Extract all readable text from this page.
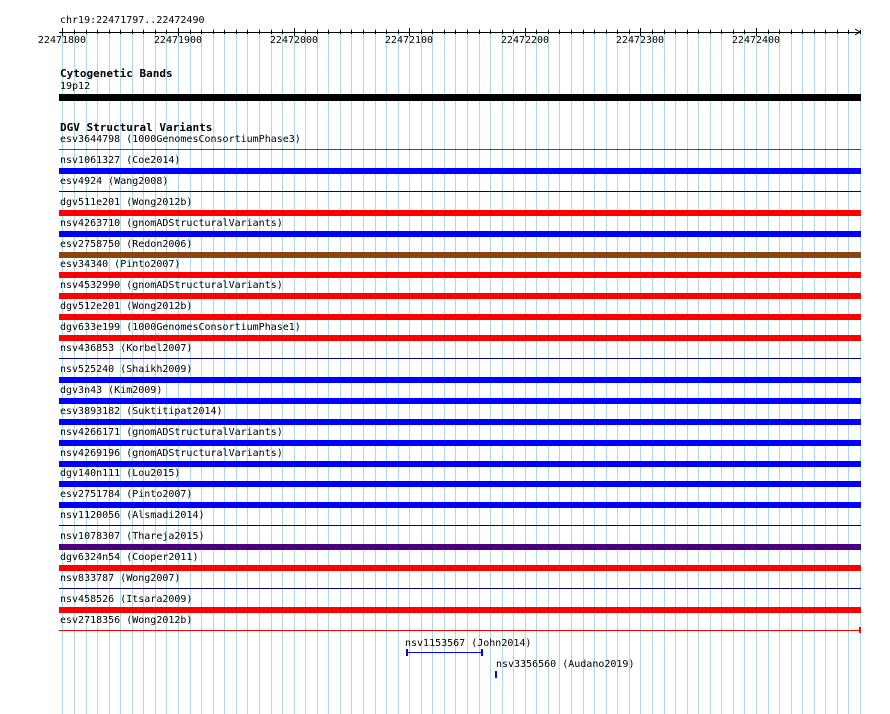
chr19:22471797..22472490
22471800	22471900	22472000	22472100	22472200	22472300	22472400
Cytogenetic Bands
19p12
DGV Structural Variants
esv3644798 (1000GenomesConsortiumPhase3)
nsv1061327 (Coe2014)
esv4924 (Wang2008)
dgv511e201 (Wong2012b)
nsv4263710 (gnomADStructuralVariants)
esv2758750 (Redon2006)
esv34340 (Pinto2007)
nsv4532990 (gnomADStructuralVariants)
dgv512e201 (Wong2012b)
dgv633e199 (1000GenomesConsortiumPhase1)
nsv436853 (Korbel2007)
nsv525240 (Shaikh2009)
dgv3n43 (Kim2009)
esv3893182 (Suktitipat2014)
nsv4266171 (gnomADStructuralVariants)
nsv4269196 (gnomADStructuralVariants)
dgv140n111 (Lou2015)
esv2751784 (Pinto2007)
nsv1120056 (Alsmadi2014)
nsv1078307 (Thareja2015)
dgv6324n54 (Cooper2011)
nsv833787 (Wong2007)
nsv458526 (Itsara2009)
esv2718356 (Wong2012b)
nsv1153567 (John2014)
nsv3356560 (Audano2019)
